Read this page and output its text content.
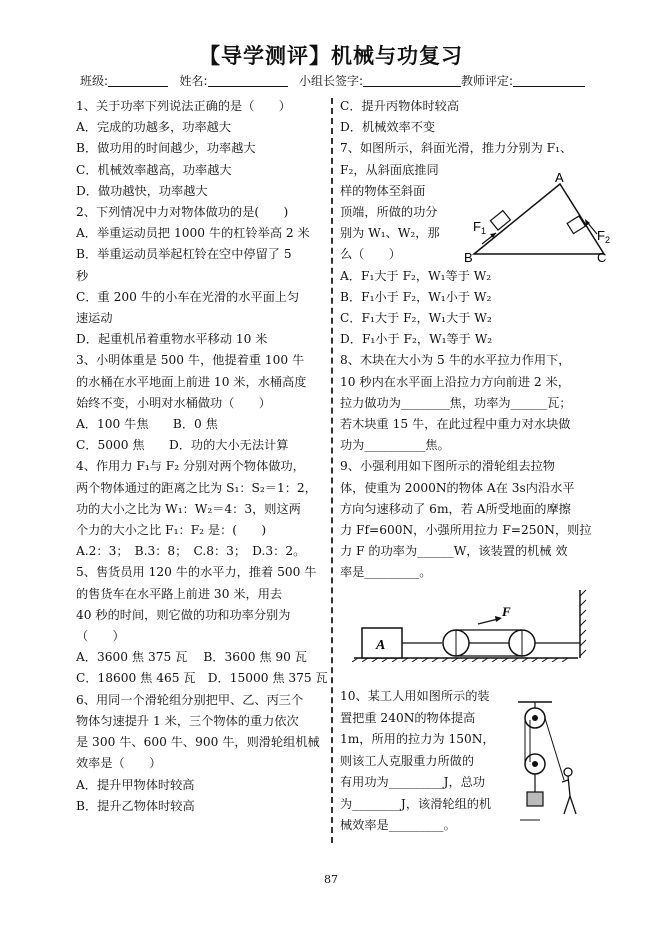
【导学测评】机械与功复习
班级:	姓名:	小组长签字:	教师评定:

1、关于功率下列说法正确的是（　　）

A．完成的功越多，功率越大

B．做功用的时间越少，功率越大

C．机械效率越高，功率越大

D．做功越快，功率越大

2、下列情况中力对物体做功的是(　　)

A．举重运动员把 1000 牛的杠铃举高 2 米

B．举重运动员举起杠铃在空中停留了 5

秒

C．重 200 牛的小车在光滑的水平面上匀

速运动

D．起重机吊着重物水平移动 10 米

3、小明体重是 500 牛，他提着重 100 牛

的水桶在水平地面上前进 10 米，水桶高度

始终不变，小明对水桶做功（　　）

A．100 牛焦　　B．0 焦

C．5000 焦　　D．功的大小无法计算

4、作用力 F₁与 F₂ 分别对两个物体做功，

两个物体通过的距离之比为 S₁：S₂＝1：2，

功的大小之比为 W₁：W₂＝4：3，则这两

个力的大小之比 F₁：F₂ 是：(　　)

A.2：3；　B.3：8；　C.8：3；　D.3：2。

5、售货员用 120 牛的水平力，推着 500 牛

的售货车在水平路上前进 30 米，用去

40 秒的时间，则它做的功和功率分别为

（　　）

A．3600 焦 375 瓦　 B．3600 焦 90 瓦

C．18600 焦 465 瓦　D．15000 焦 375 瓦

6、用同一个滑轮组分别把甲、乙、丙三个

物体匀速提升 1 米，三个物体的重力依次

是 300 牛、600 牛、900 牛，则滑轮组机械

效率是（　　）

A．提升甲物体时较高

B．提升乙物体时较高

C．提升丙物体时较高

D．机械效率不变

7、如图所示，斜面光滑，推力分别为 F₁、

F₂，从斜面底推同

样的物体至斜面

顶端，所做的功分

别为 W₁、W₂，那

么（　　）

A．F₁大于 F₂，W₁等于 W₂

B．F₁小于 F₂，W₁小于 W₂

C．F₁大于 F₂，W₁大于 W₂

D．F₁小于 F₂，W₁等于 W₂

8、木块在大小为 5 牛的水平拉力作用下，

10 秒内在水平面上沿拉力方向前进 2 米，

拉力做功为________焦，功率为______瓦；

若木块重 15 牛，在此过程中重力对水块做

功为__________焦。

9、小强利用如下图所示的滑轮组去拉物

体，使重为 2000N的物体 A在 3s内沿水平

方向匀速移动了 6m，若 A所受地面的摩擦

力 Ff=600N，小强所用拉力 F=250N，则拉

力 F 的功率为______W，该装置的机械 效

率是_________。

10、某工人用如图所示的装

置把重 240N的物体提高

1m，所用的拉力为 150N，

则该工人克服重力所做的

有用功为_________J，总功

为________J，该滑轮组的机

械效率是_________。

A
B	C
$F_1$	$F_2$
A
F
87
